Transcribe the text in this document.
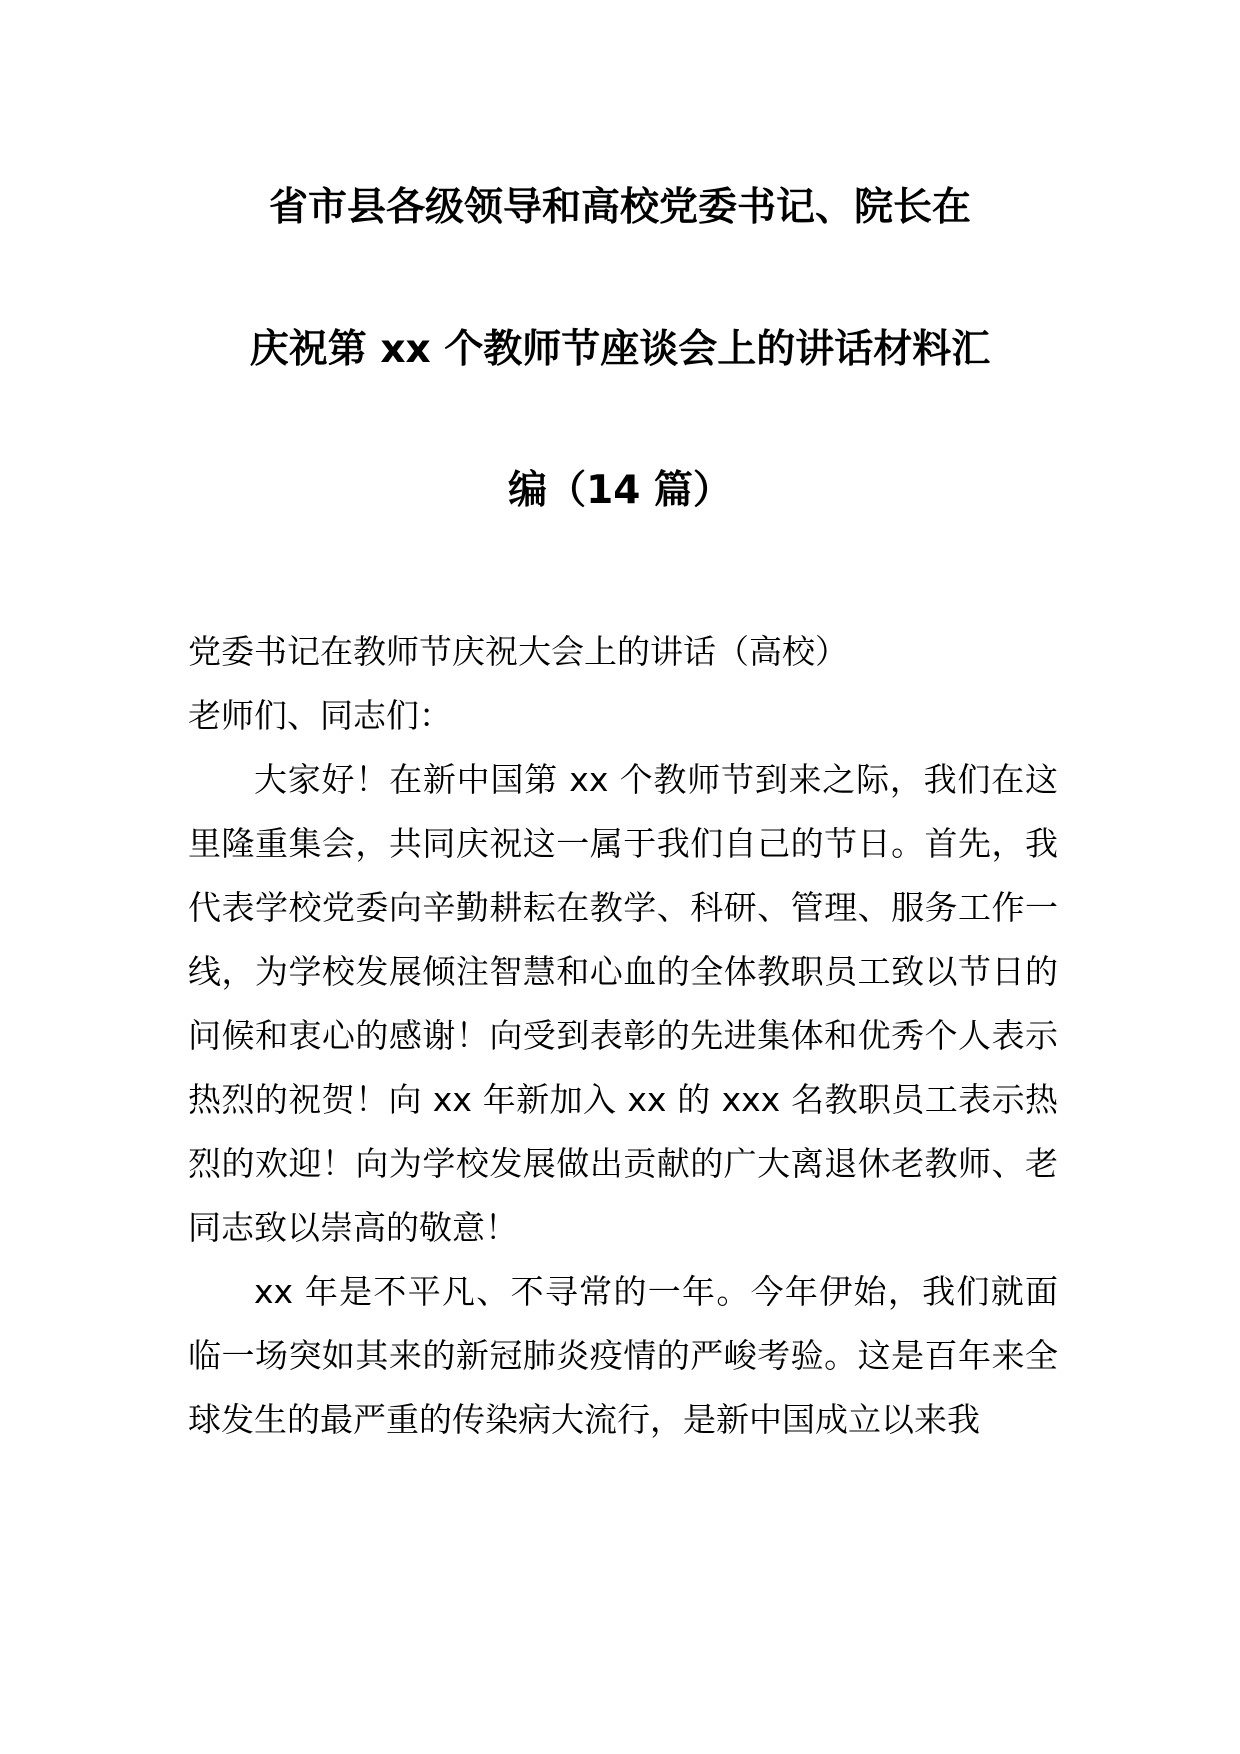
省市县各级领导和高校党委书记、院长在
庆祝第 xx 个教师节座谈会上的讲话材料汇
编（14 篇）
党委书记在教师节庆祝大会上的讲话（高校）
老师们、同志们：

大家好！在新中国第 xx 个教师节到来之际，我们在这里隆重集会，共同庆祝这一属于我们自己的节日。首先，我代表学校党委向辛勤耕耘在教学、科研、管理、服务工作一线，为学校发展倾注智慧和心血的全体教职员工致以节日的问候和衷心的感谢！向受到表彰的先进集体和优秀个人表示热烈的祝贺！向 xx 年新加入 xx 的 xxx 名教职员工表示热烈的欢迎！向为学校发展做出贡献的广大离退休老教师、老同志致以崇高的敬意！

xx 年是不平凡、不寻常的一年。今年伊始，我们就面临一场突如其来的新冠肺炎疫情的严峻考验。这是百年来全球发生的最严重的传染病大流行，是新中国成立以来我
